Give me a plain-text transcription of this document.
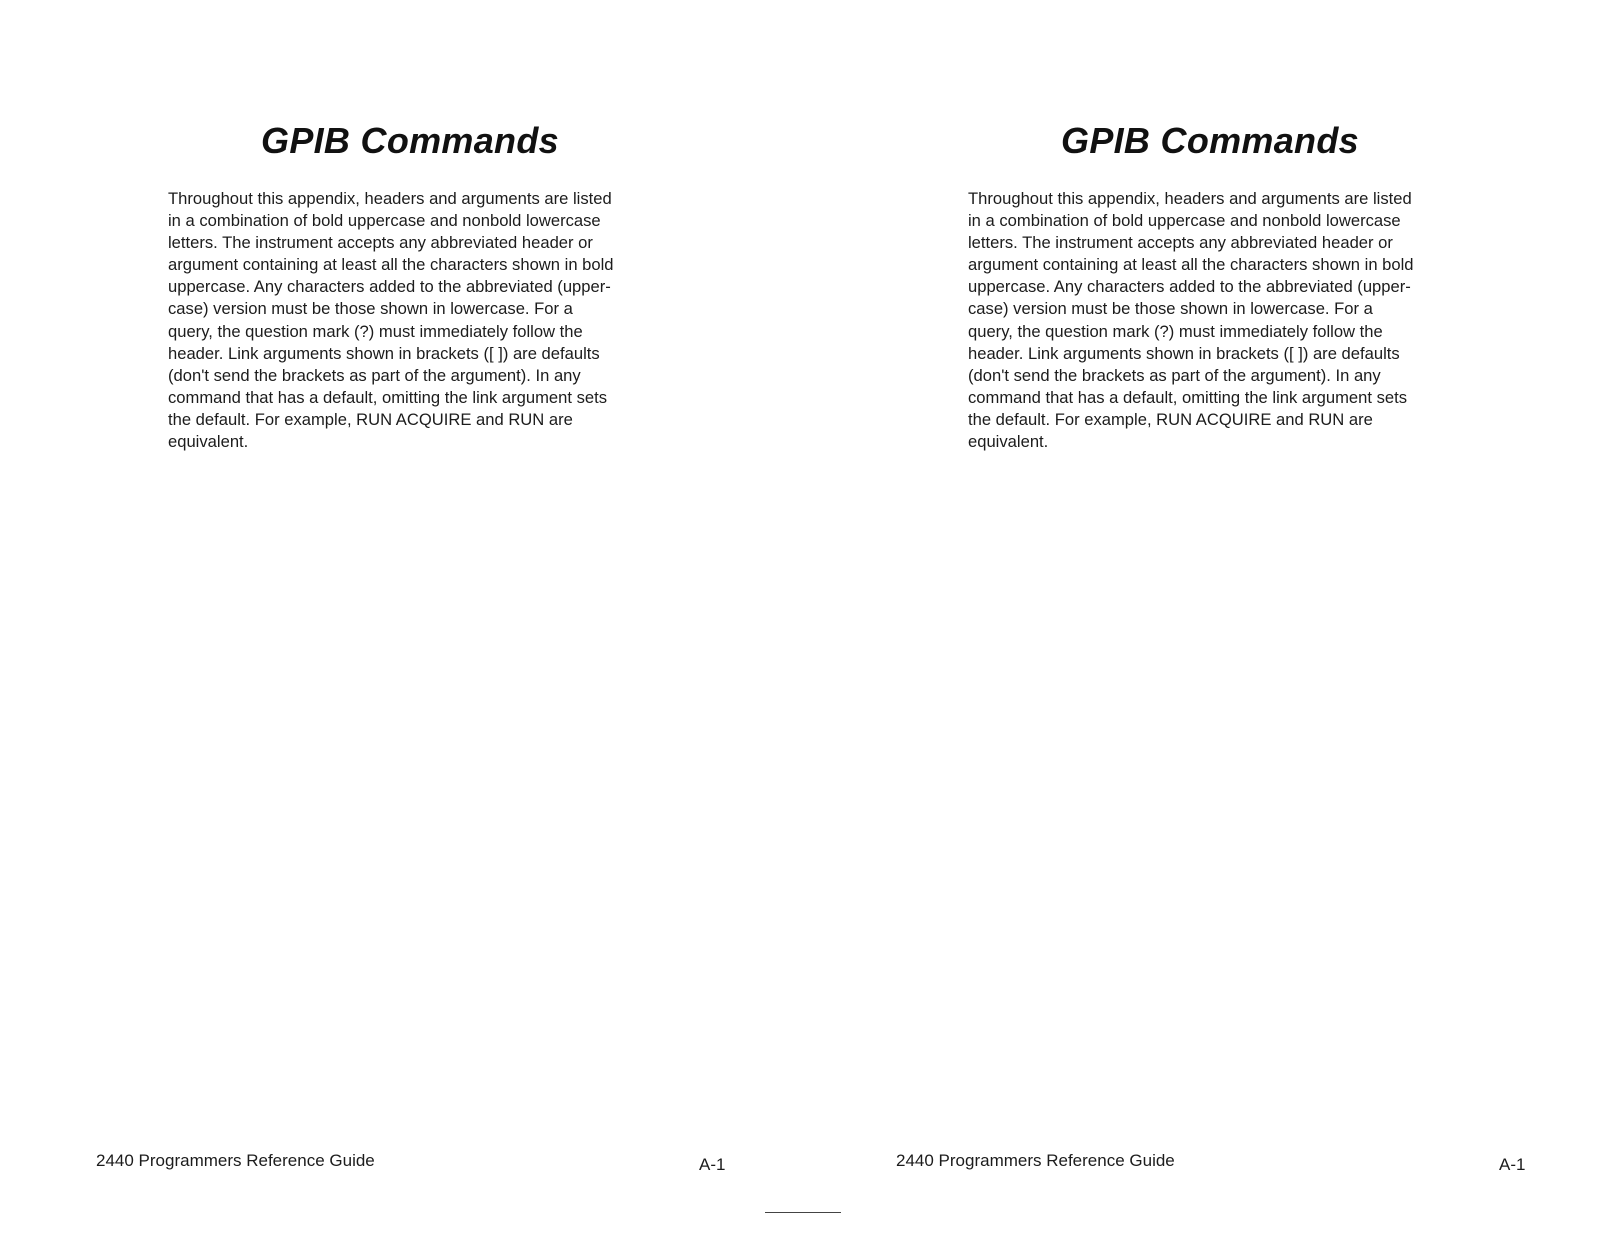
GPIB Commands

Throughout this appendix, headers and arguments are listed
in a combination of bold uppercase and nonbold lowercase
letters. The instrument accepts any abbreviated header or
argument containing at least all the characters shown in bold
uppercase. Any characters added to the abbreviated (upper-
case) version must be those shown in lowercase. For a
query, the question mark (?) must immediately follow the
header. Link arguments shown in brackets ([ ]) are defaults
(don't send the brackets as part of the argument). In any
command that has a default, omitting the link argument sets
the default. For example, RUN ACQUIRE and RUN are
equivalent.

2440 Programmers Reference Guide	A-1
GPIB Commands

Throughout this appendix, headers and arguments are listed
in a combination of bold uppercase and nonbold lowercase
letters. The instrument accepts any abbreviated header or
argument containing at least all the characters shown in bold
uppercase. Any characters added to the abbreviated (upper-
case) version must be those shown in lowercase. For a
query, the question mark (?) must immediately follow the
header. Link arguments shown in brackets ([ ]) are defaults
(don't send the brackets as part of the argument). In any
command that has a default, omitting the link argument sets
the default. For example, RUN ACQUIRE and RUN are
equivalent.

2440 Programmers Reference Guide	A-1
